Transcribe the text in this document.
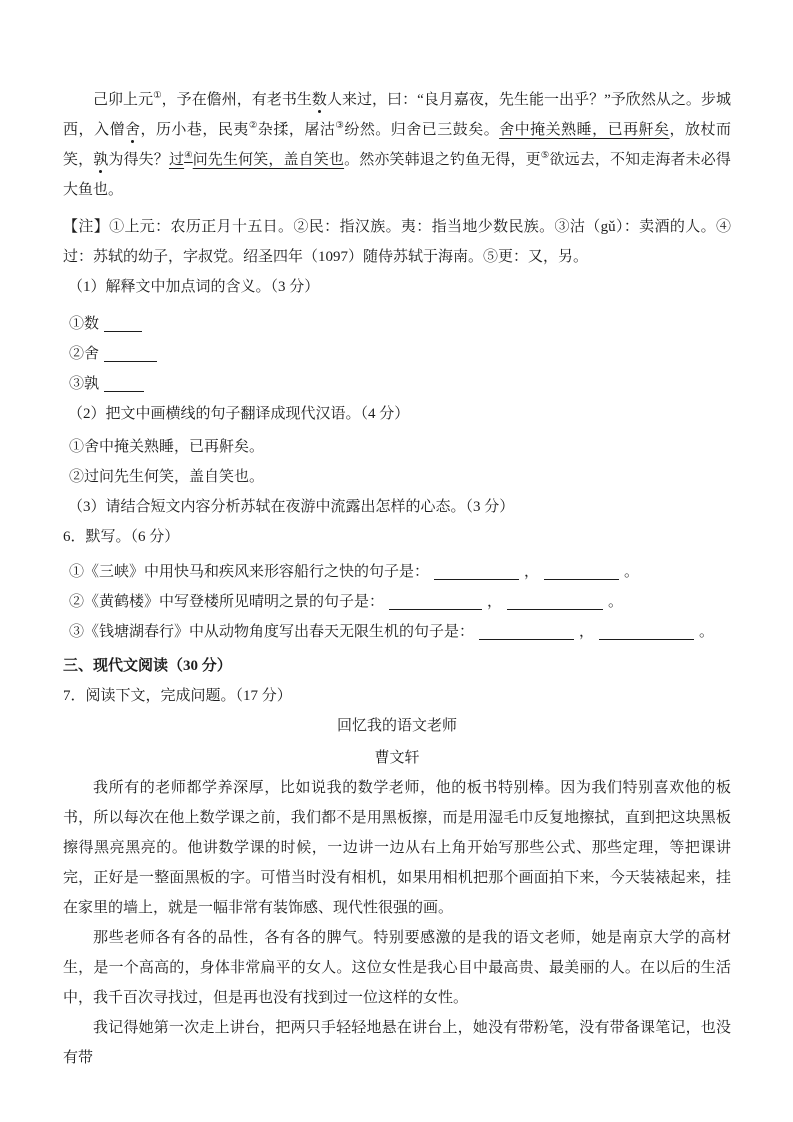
己卯上元①，予在儋州，有老书生数人来过，曰：“良月嘉夜，先生能一出乎？”予欣然从之。步城西，入僧舍，历小巷，民夷②杂揉，屠沽③纷然。归舍已三鼓矣。舍中掩关熟睡，已再鼾矣，放杖而笑，孰为得失？过④问先生何笑，盖自笑也。然亦笑韩退之钓鱼无得，更⑤欲远去，不知走海者未必得大鱼也。

【注】①上元：农历正月十五日。②民：指汉族。夷：指当地少数民族。③沽（gǔ）：卖酒的人。④过：苏轼的幼子，字叔党。绍圣四年（1097）随侍苏轼于海南。⑤更：又，另。

（1）解释文中加点词的含义。（3 分）

①数
②舍
③孰

（2）把文中画横线的句子翻译成现代汉语。（4 分）

①舍中掩关熟睡，已再鼾矣。

②过问先生何笑，盖自笑也。

（3）请结合短文内容分析苏轼在夜游中流露出怎样的心态。（3 分）

6．默写。（6 分）

①《三峡》中用快马和疾风来形容船行之快的句子是：	，	。
②《黄鹤楼》中写登楼所见晴明之景的句子是：	，	。
③《钱塘湖春行》中从动物角度写出春天无限生机的句子是：	，	。

三、现代文阅读（30 分）

7．阅读下文，完成问题。（17 分）

回忆我的语文老师

曹文轩

我所有的老师都学养深厚，比如说我的数学老师，他的板书特别棒。因为我们特别喜欢他的板书，所以每次在他上数学课之前，我们都不是用黑板擦，而是用湿毛巾反复地擦拭，直到把这块黑板擦得黑亮黑亮的。他讲数学课的时候，一边讲一边从右上角开始写那些公式、那些定理，等把课讲完，正好是一整面黑板的字。可惜当时没有相机，如果用相机把那个画面拍下来，今天装裱起来，挂在家里的墙上，就是一幅非常有装饰感、现代性很强的画。

那些老师各有各的品性，各有各的脾气。特别要感激的是我的语文老师，她是南京大学的高材生，是一个高高的，身体非常扁平的女人。这位女性是我心目中最高贵、最美丽的人。在以后的生活中，我千百次寻找过，但是再也没有找到过一位这样的女性。

我记得她第一次走上讲台，把两只手轻轻地悬在讲台上，她没有带粉笔，没有带备课笔记，也没有带
